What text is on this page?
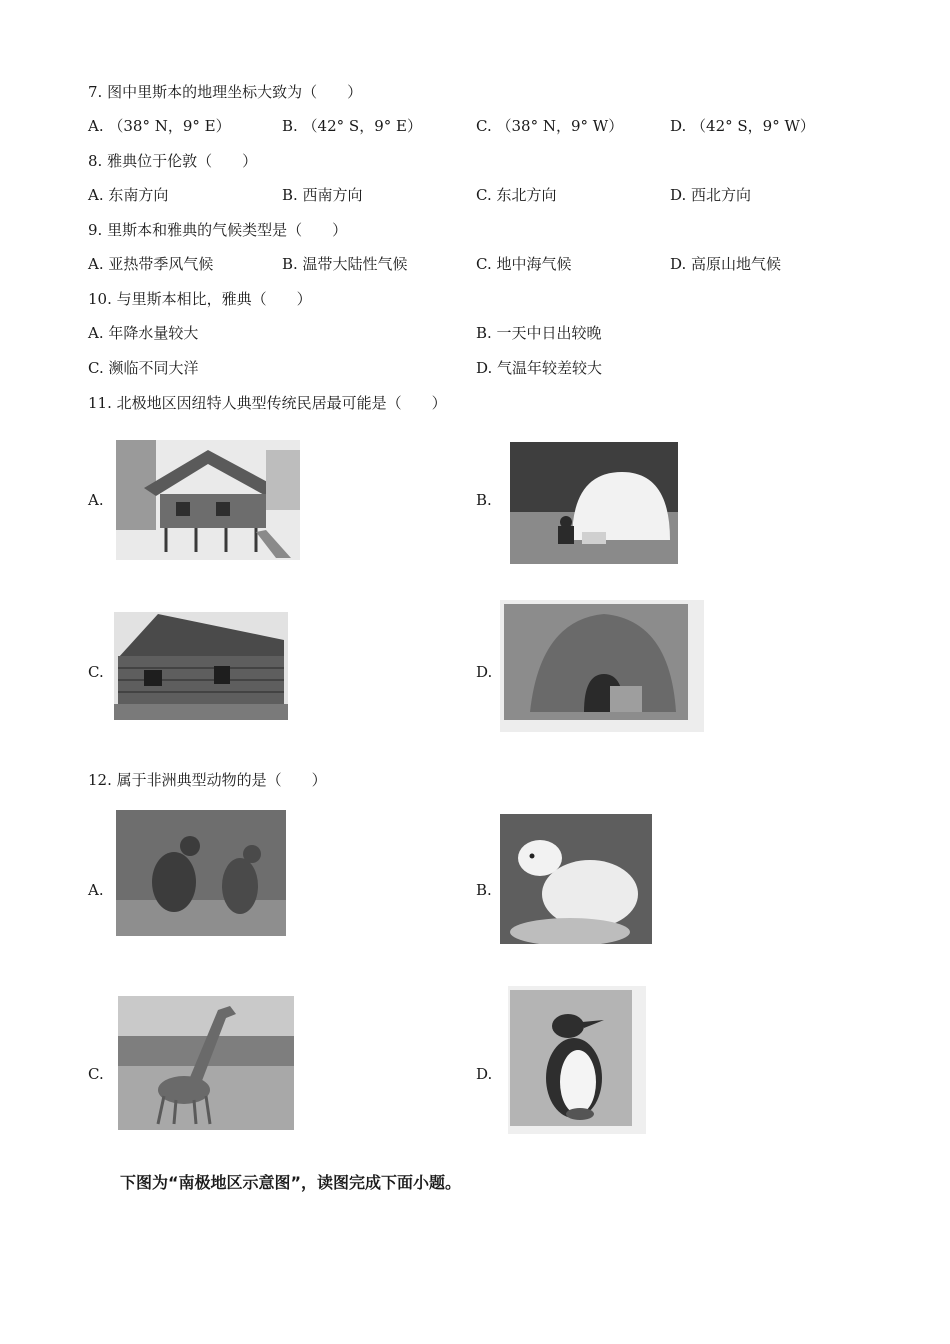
7. 图中里斯本的地理坐标大致为（　　）
A. （38° N，9° E）	B. （42° S，9° E）	C. （38° N，9° W）	D. （42° S，9° W）
8. 雅典位于伦敦（　　）
A. 东南方向	B. 西南方向	C. 东北方向	D. 西北方向
9. 里斯本和雅典的气候类型是（　　）
A. 亚热带季风气候	B. 温带大陆性气候	C. 地中海气候	D. 高原山地气候
10. 与里斯本相比，雅典（　　）
A. 年降水量较大	B. 一天中日出较晚
C. 濒临不同大洋	D. 气温年较差较大
11. 北极地区因纽特人典型传统民居最可能是（　　）
A.	B.
C.	D.
12. 属于非洲典型动物的是（　　）
A.	B.
C.	D.
下图为“南极地区示意图”，读图完成下面小题。
